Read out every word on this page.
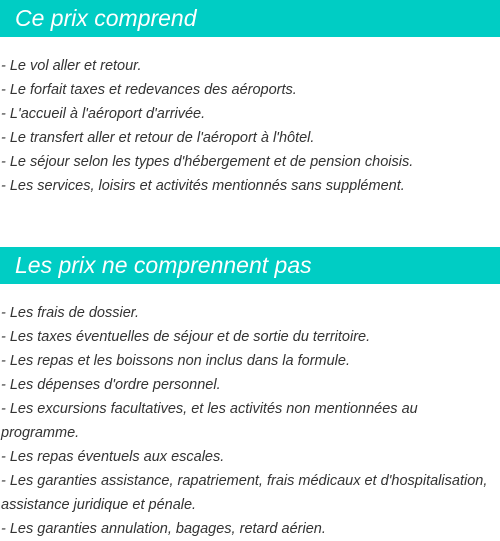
Ce prix comprend
- Le vol aller et retour.
- Le forfait taxes et redevances des aéroports.
- L'accueil à l'aéroport d'arrivée.
- Le transfert aller et retour de l'aéroport à l'hôtel.
- Le séjour selon les types d'hébergement et de pension choisis.
- Les services, loisirs et activités mentionnés sans supplément.
Les prix ne comprennent pas
- Les frais de dossier.
- Les taxes éventuelles de séjour et de sortie du territoire.
- Les repas et les boissons non inclus dans la formule.
- Les dépenses d'ordre personnel.
- Les excursions facultatives, et les activités non mentionnées au programme.
- Les repas éventuels aux escales.
- Les garanties assistance, rapatriement, frais médicaux et d'hospitalisation, assistance juridique et pénale.
- Les garanties annulation, bagages, retard aérien.
